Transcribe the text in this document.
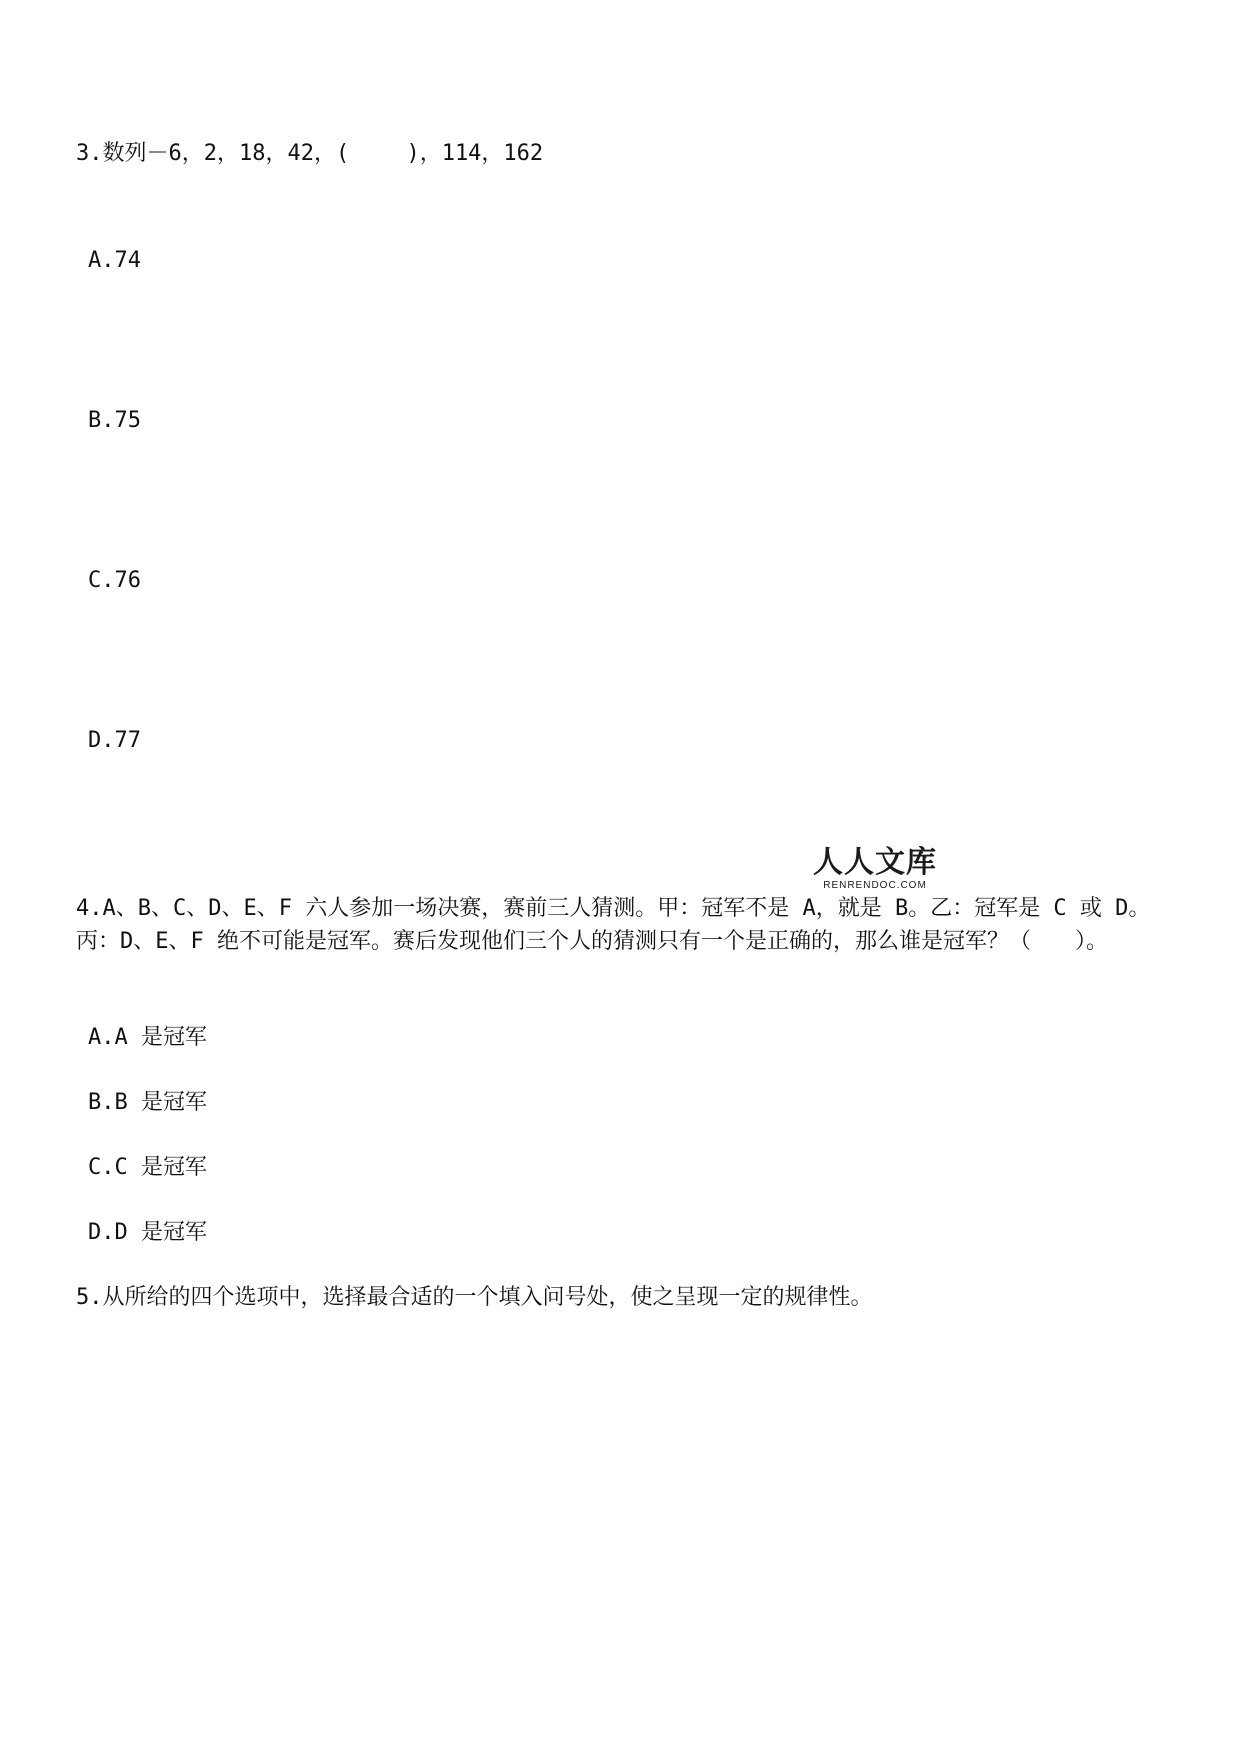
3.数列－6，2，18，42，(　　 )，114，162
A.74
B.75
C.76
D.77
人人文库
RENRENDOC.COM
4.A、B、C、D、E、F 六人参加一场决赛，赛前三人猜测。甲：冠军不是 A，就是 B。乙：冠军是 C 或 D。丙：D、E、F 绝不可能是冠军。赛后发现他们三个人的猜测只有一个是正确的，那么谁是冠军？（　　）。
A.A 是冠军
B.B 是冠军
C.C 是冠军
D.D 是冠军
5.从所给的四个选项中，选择最合适的一个填入问号处，使之呈现一定的规律性。
